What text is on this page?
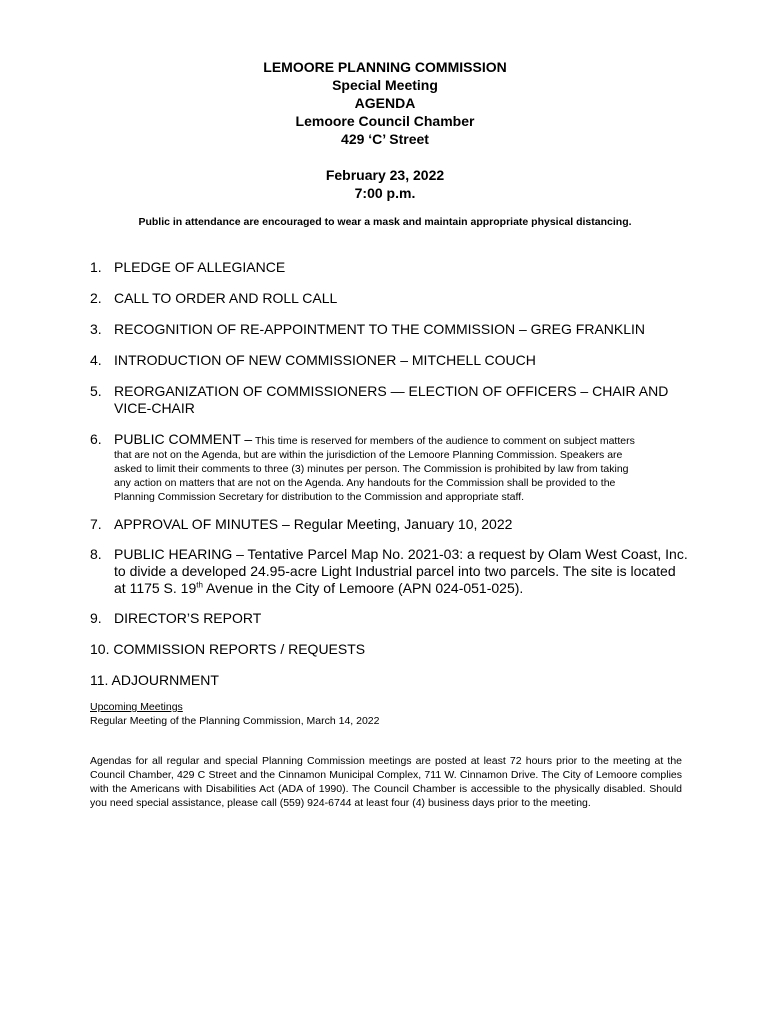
LEMOORE PLANNING COMMISSION
Special Meeting
AGENDA
Lemoore Council Chamber
429 ‘C’ Street
February 23, 2022
7:00 p.m.
Public in attendance are encouraged to wear a mask and maintain appropriate physical distancing.
1. PLEDGE OF ALLEGIANCE
2. CALL TO ORDER AND ROLL CALL
3. RECOGNITION OF RE-APPOINTMENT TO THE COMMISSION – GREG FRANKLIN
4. INTRODUCTION OF NEW COMMISSIONER – MITCHELL COUCH
5. REORGANIZATION OF COMMISSIONERS — ELECTION OF OFFICERS – CHAIR AND
VICE-CHAIR
6. PUBLIC COMMENT – This time is reserved for members of the audience to comment on subject matters
that are not on the Agenda, but are within the jurisdiction of the Lemoore Planning Commission. Speakers are
asked to limit their comments to three (3) minutes per person. The Commission is prohibited by law from taking
any action on matters that are not on the Agenda. Any handouts for the Commission shall be provided to the
Planning Commission Secretary for distribution to the Commission and appropriate staff.
7. APPROVAL OF MINUTES – Regular Meeting, January 10, 2022
8. PUBLIC HEARING – Tentative Parcel Map No. 2021-03: a request by Olam West Coast, Inc.
to divide a developed 24.95-acre Light Industrial parcel into two parcels. The site is located
at 1175 S. 19th Avenue in the City of Lemoore (APN 024-051-025).
9. DIRECTOR’S REPORT
10. COMMISSION REPORTS / REQUESTS
11. ADJOURNMENT
Upcoming Meetings
Regular Meeting of the Planning Commission, March 14, 2022
Agendas for all regular and special Planning Commission meetings are posted at least 72 hours prior to the meeting at the Council Chamber, 429 C Street and the Cinnamon Municipal Complex, 711 W. Cinnamon Drive. The City of Lemoore complies with the Americans with Disabilities Act (ADA of 1990). The Council Chamber is accessible to the physically disabled. Should you need special assistance, please call (559) 924-6744 at least four (4) business days prior to the meeting.
